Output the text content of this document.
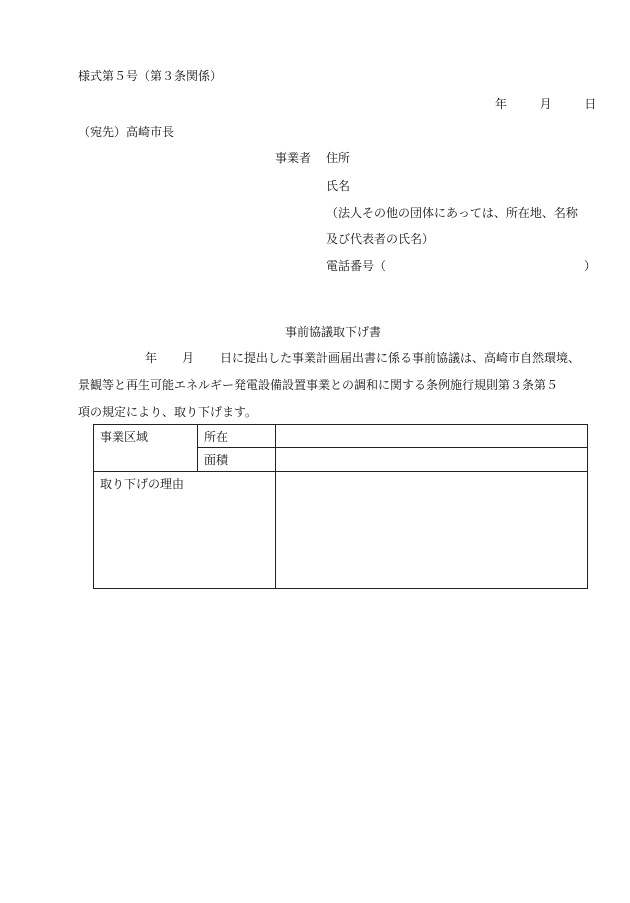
様式第５号（第３条関係）
年	月	日
（宛先）高崎市長
事業者 住所
氏名
（法人その他の団体にあっては、所在地、名称
及び代表者の氏名）
電話番号（	）
事前協議取下げ書
年 月 日に提出した事業計画届出書に係る事前協議は、高崎市自然環境、
景観等と再生可能エネルギー発電設備設置事業との調和に関する条例施行規則第３条第５
項の規定により、取り下げます。
事業区域	所在	
	面積	
取り下げの理由		
